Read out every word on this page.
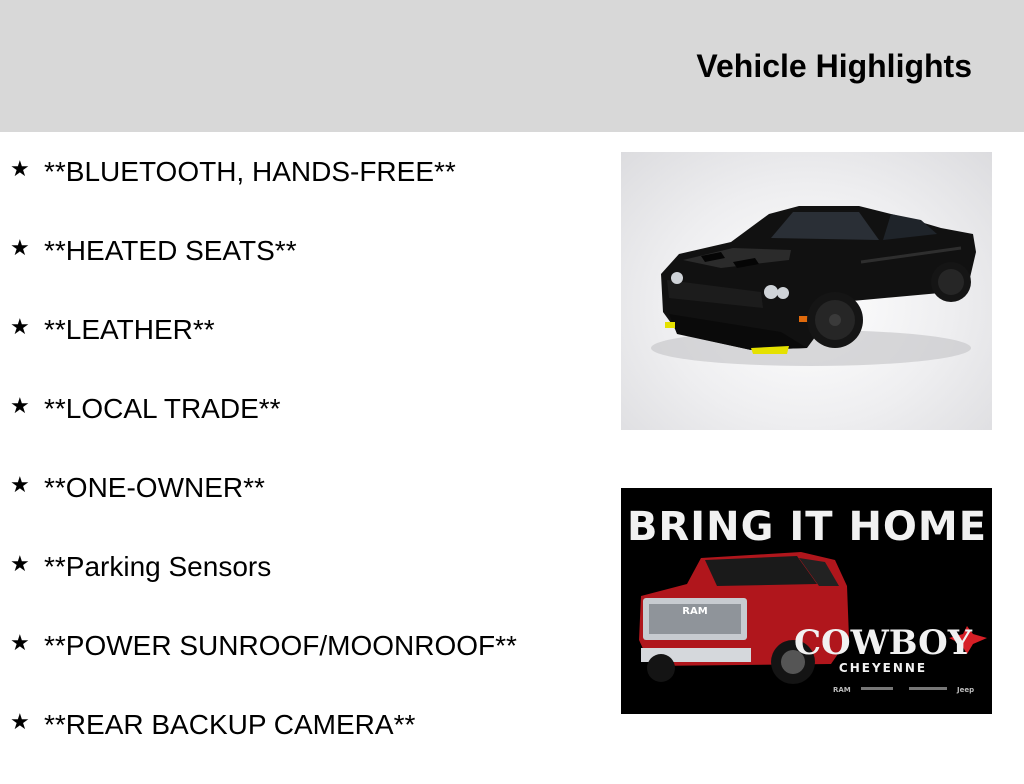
Vehicle Highlights
★ **BLUETOOTH, HANDS-FREE**
★ **HEATED SEATS**
★ **LEATHER**
★ **LOCAL TRADE**
★ **ONE-OWNER**
★ **Parking Sensors
★ **POWER SUNROOF/MOONROOF**
★ **REAR BACKUP CAMERA**
BRING IT HOME
RAM
COWBOY
CHEYENNE
RAM	Jeep
